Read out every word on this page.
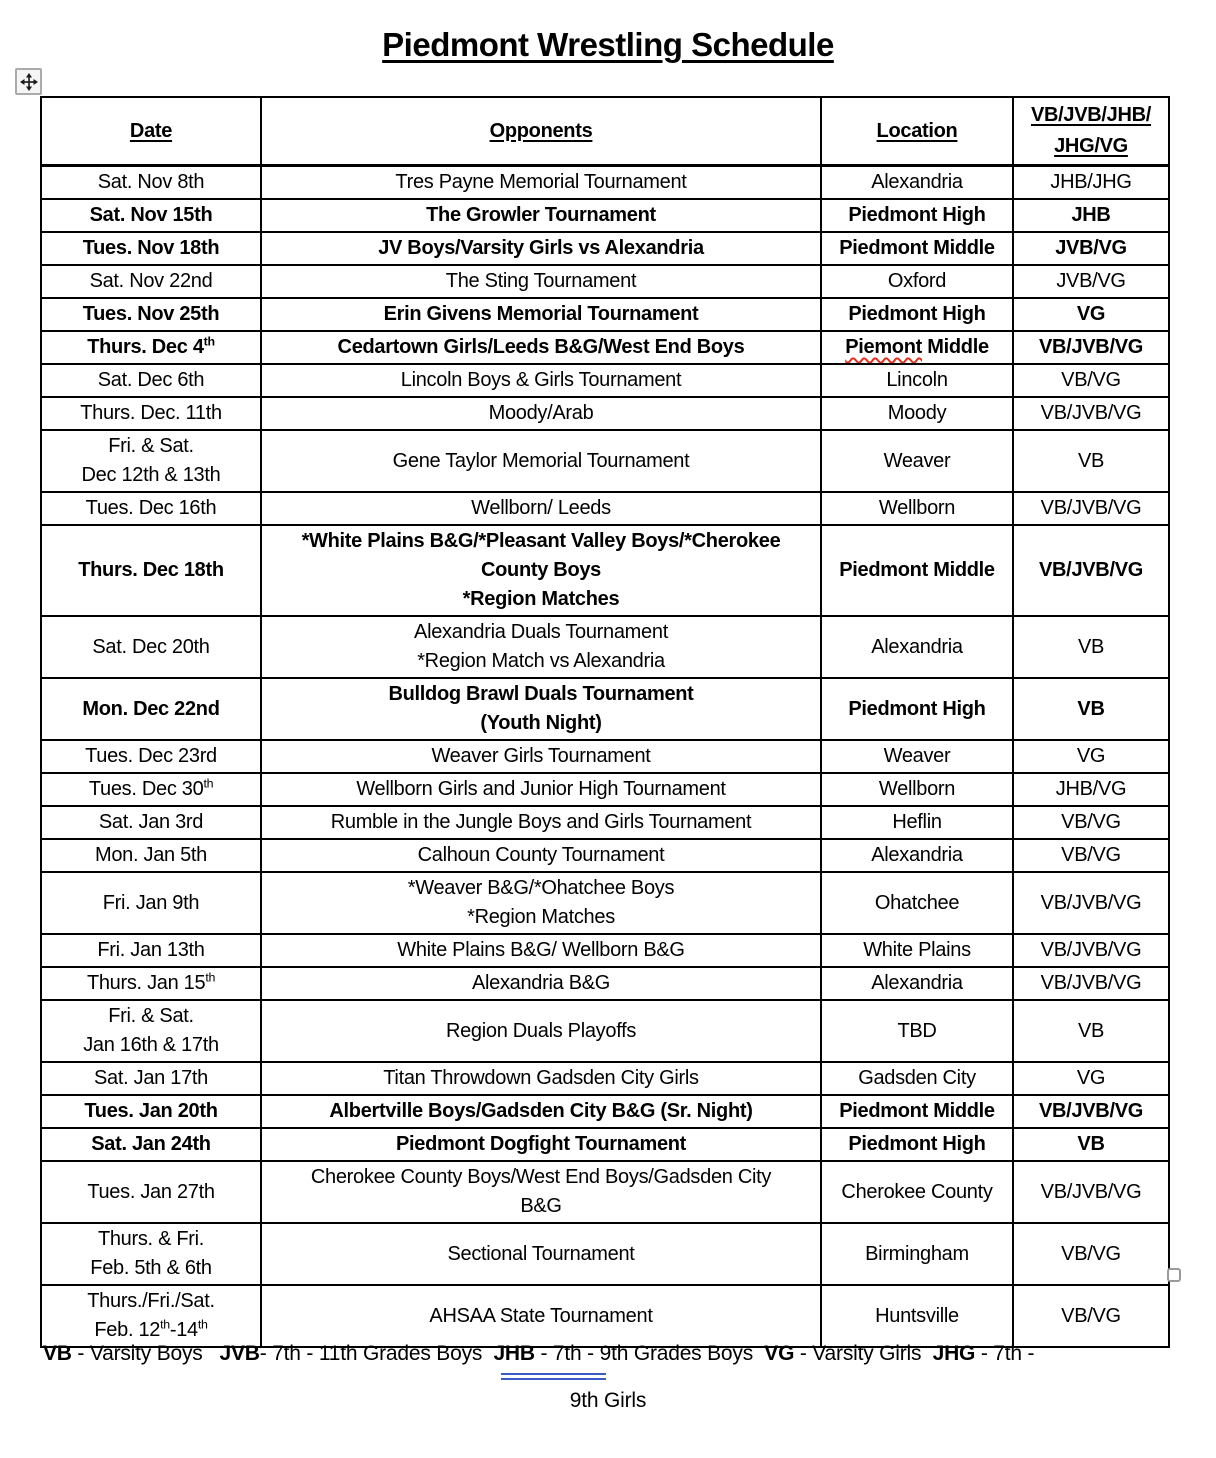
Piedmont Wrestling Schedule
Date	Opponents	Location	VB/JVB/JHB/
JHG/VG
Sat. Nov 8th	Tres Payne Memorial Tournament	Alexandria	JHB/JHG
Sat. Nov 15th	The Growler Tournament	Piedmont High	JHB
Tues. Nov 18th	JV Boys/Varsity Girls vs Alexandria	Piedmont Middle	JVB/VG
Sat. Nov 22nd	The Sting Tournament	Oxford	JVB/VG
Tues. Nov 25th	Erin Givens Memorial Tournament	Piedmont High	VG
Thurs. Dec 4th	Cedartown Girls/Leeds B&G/West End Boys	Piemont Middle	VB/JVB/VG
Sat. Dec 6th	Lincoln Boys & Girls Tournament	Lincoln	VB/VG
Thurs. Dec. 11th	Moody/Arab	Moody	VB/JVB/VG
Fri. & Sat.
Dec 12th & 13th	Gene Taylor Memorial Tournament	Weaver	VB
Tues. Dec 16th	Wellborn/ Leeds	Wellborn	VB/JVB/VG
Thurs. Dec 18th	*White Plains B&G/*Pleasant Valley Boys/*Cherokee
County Boys
*Region Matches	Piedmont Middle	VB/JVB/VG
Sat. Dec 20th	Alexandria Duals Tournament
*Region Match vs Alexandria	Alexandria	VB
Mon. Dec 22nd	Bulldog Brawl Duals Tournament
(Youth Night)	Piedmont High	VB
Tues. Dec 23rd	Weaver Girls Tournament	Weaver	VG
Tues. Dec 30th	Wellborn Girls and Junior High Tournament	Wellborn	JHB/VG
Sat. Jan 3rd	Rumble in the Jungle Boys and Girls Tournament	Heflin	VB/VG
Mon. Jan 5th	Calhoun County Tournament	Alexandria	VB/VG
Fri. Jan 9th	*Weaver B&G/*Ohatchee Boys
*Region Matches	Ohatchee	VB/JVB/VG
Fri. Jan 13th	White Plains B&G/ Wellborn B&G	White Plains	VB/JVB/VG
Thurs. Jan 15th	Alexandria B&G	Alexandria	VB/JVB/VG
Fri. & Sat.
Jan 16th & 17th	Region Duals Playoffs	TBD	VB
Sat. Jan 17th	Titan Throwdown Gadsden City Girls	Gadsden City	VG
Tues. Jan 20th	Albertville Boys/Gadsden City B&G (Sr. Night)	Piedmont Middle	VB/JVB/VG
Sat. Jan 24th	Piedmont Dogfight Tournament	Piedmont High	VB
Tues. Jan 27th	Cherokee County Boys/West End Boys/Gadsden City
B&G	Cherokee County	VB/JVB/VG
Thurs. & Fri.
Feb. 5th & 6th	Sectional Tournament	Birmingham	VB/VG
Thurs./Fri./Sat.
Feb. 12th-14th	AHSAA State Tournament	Huntsville	VB/VG
VB - Varsity Boys   JVB- 7th - 11th Grades Boys  JHB - 7th - 9th Grades Boys  VG - Varsity Girls  JHG - 7th -
9th Girls
